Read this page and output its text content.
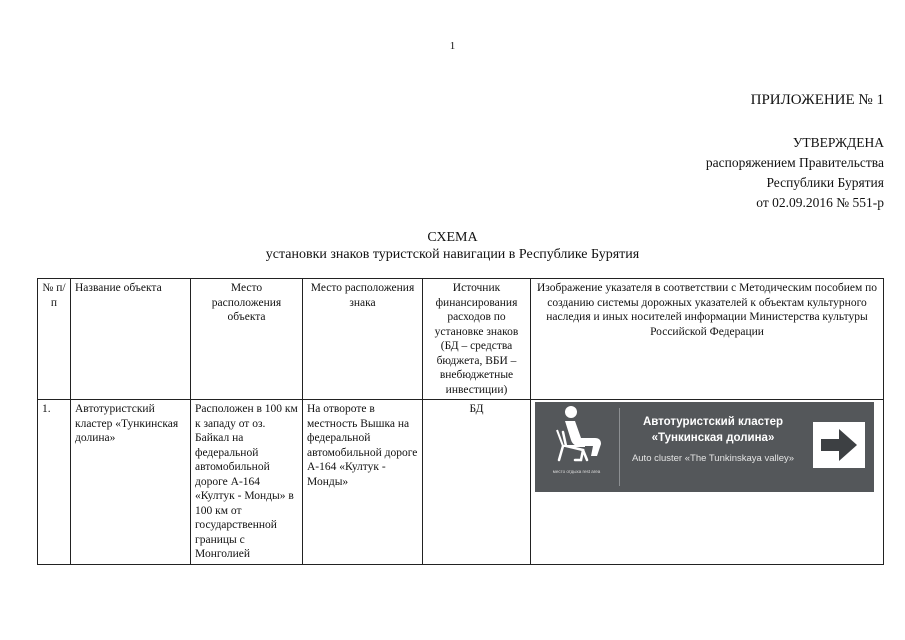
1
ПРИЛОЖЕНИЕ № 1
УТВЕРЖДЕНА
распоряжением Правительства
Республики Бурятия
от 02.09.2016 № 551-р
СХЕМА
установки знаков туристской навигации в Республике Бурятия
№ п/п	Название объекта	Место расположения объекта	Место расположения знака	Источник финансирования расходов по установке знаков (БД – средства бюджета, ВБИ – внебюджетные инвестиции)	Изображение указателя в соответствии с Методическим пособием по созданию системы дорожных указателей к объектам культурного наследия и иных носителей информации Министерства культуры Российской Федерации
1.	Автотуристский кластер «Тункинская долина»	Расположен в 100 км к западу от оз. Байкал на федеральной автомобильной дороге А-164 «Култук - Монды» в 100 км от государственной границы с Монголией	На отвороте в местность Вышка на федеральной автомобильной дороге А-164 «Култук - Монды»	БД	место отдыха rest area
Автотуристский кластер «Тункинская долина»
Auto cluster «The Tunkinskaya valley»
